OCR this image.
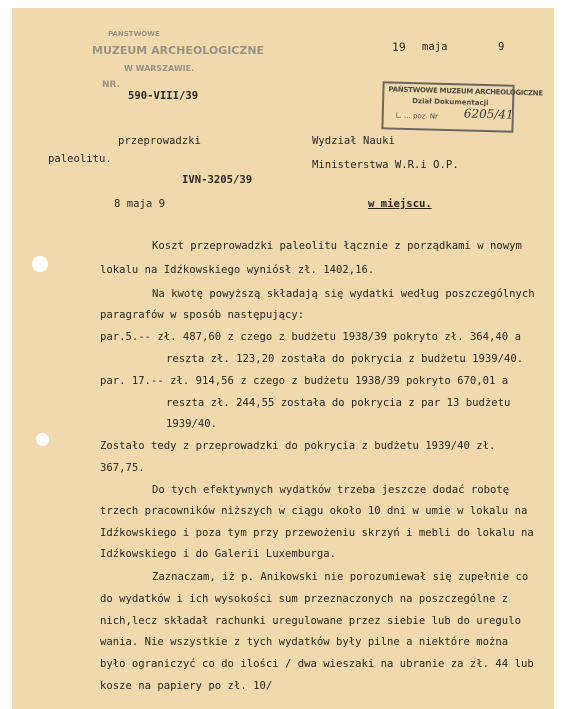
PAŃSTWOWE
MUZEUM ARCHEOLOGICZNE
W WARSZAWIE.
NR.
590-VIII/39
19 maja	9
PAŃSTWOWE MUZEUM ARCHEOLOGICZNE
Dział Dokumentacji
L. ... poz. Nr 6205/41
przeprowadzki
paleolitu.
IVN-3205/39
8 maja 9
Wydział Nauki
Ministerstwa W.R.i O.P.
w miejscu.
Koszt przeprowadzki paleolitu łącznie z porządkami w nowym
lokalu na Idźkowskiego wyniósł zł. 1402,16.
Na kwotę powyższą składają się wydatki według poszczególnych
paragrafów w sposób następujący:
par.5.-- zł. 487,60 z czego z budżetu 1938/39 pokryto zł. 364,40 a
reszta zł. 123,20 została do pokrycia z budżetu 1939/40.
par. 17.-- zł. 914,56 z czego z budżetu 1938/39 pokryto 670,01 a
reszta zł. 244,55 została do pokrycia z par 13 budżetu
1939/40.
Zostało tedy z przeprowadzki do pokrycia z budżetu 1939/40 zł.
367,75.
Do tych efektywnych wydatków trzeba jeszcze dodać robotę
trzech pracowników niższych w ciągu około 10 dni w umie w lokalu na
Idźkowskiego i poza tym przy przewożeniu skrzyń i mebli do lokalu na
Idźkowskiego i do Galerii Luxemburga.
Zaznaczam, iż p. Anikowski nie porozumiewał się zupełnie co
do wydatków i ich wysokości sum przeznaczonych na poszczególne z
nich,lecz składał rachunki uregulowane przez siebie lub do uregulo
wania. Nie wszystkie z tych wydatków były pilne a niektóre można
było ograniczyć co do ilości / dwa wieszaki na ubranie za zł. 44 lub
kosze na papiery po zł. 10/
